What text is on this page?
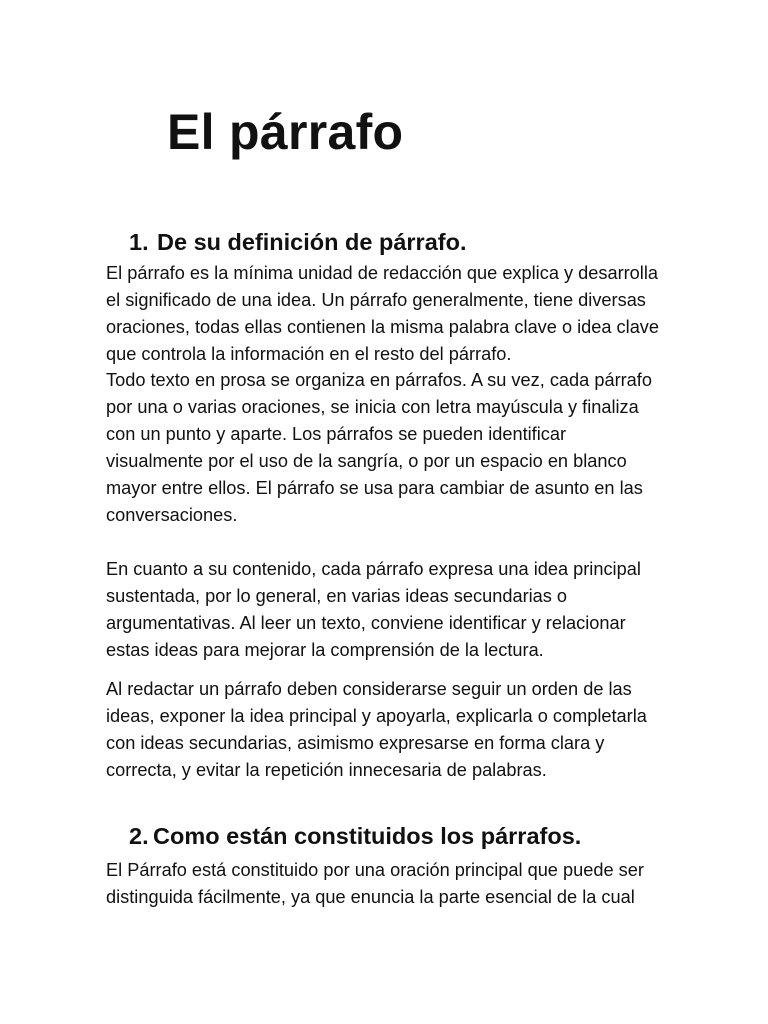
El párrafo
1. De su definición de párrafo.
El párrafo es la mínima unidad de redacción que explica y desarrolla
el significado de una idea. Un párrafo generalmente, tiene diversas
oraciones, todas ellas contienen la misma palabra clave o idea clave
que controla la información en el resto del párrafo.
Todo texto en prosa se organiza en párrafos. A su vez, cada párrafo
por una o varias oraciones, se inicia con letra mayúscula y finaliza
con un punto y aparte. Los párrafos se pueden identificar
visualmente por el uso de la sangría, o por un espacio en blanco
mayor entre ellos. El párrafo se usa para cambiar de asunto en las
conversaciones.
En cuanto a su contenido, cada párrafo expresa una idea principal
sustentada, por lo general, en varias ideas secundarias o
argumentativas. Al leer un texto, conviene identificar y relacionar
estas ideas para mejorar la comprensión de la lectura.
Al redactar un párrafo deben considerarse seguir un orden de las
ideas, exponer la idea principal y apoyarla, explicarla o completarla
con ideas secundarias, asimismo expresarse en forma clara y
correcta, y evitar la repetición innecesaria de palabras.
2. Como están constituidos los párrafos.
El Párrafo está constituido por una oración principal que puede ser
distinguida fácilmente, ya que enuncia la parte esencial de la cual
